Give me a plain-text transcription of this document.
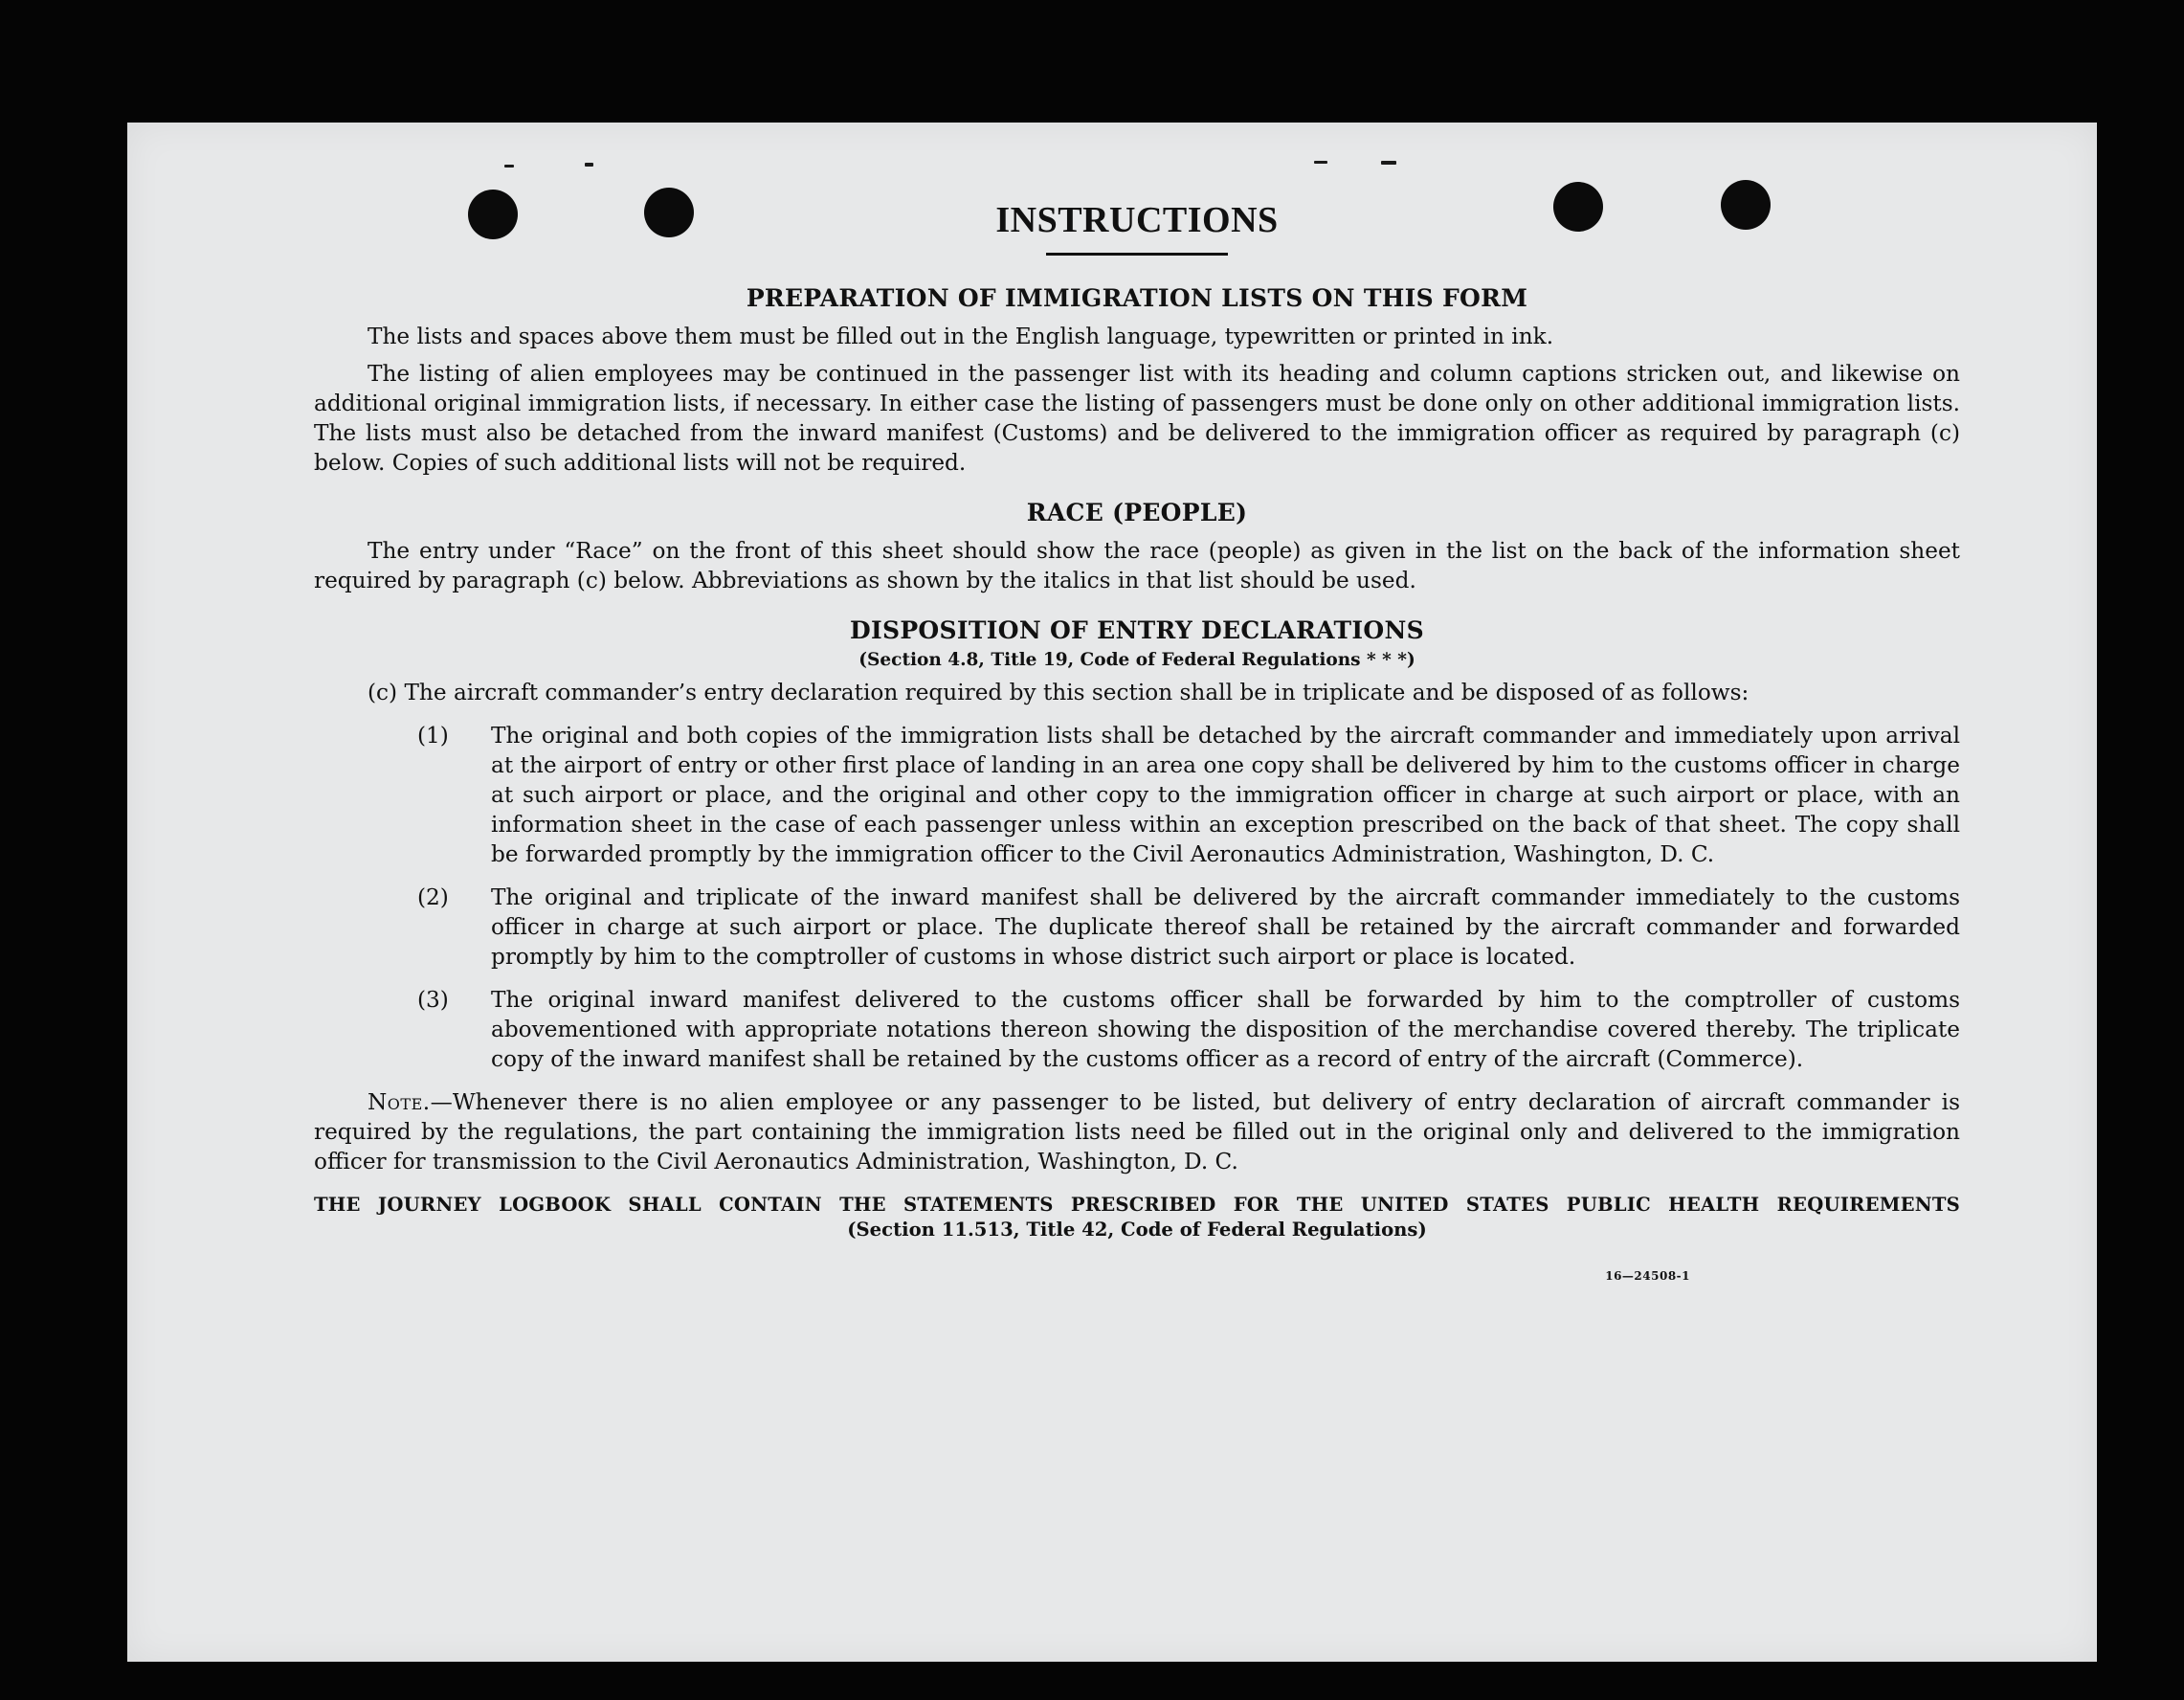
INSTRUCTIONS
PREPARATION OF IMMIGRATION LISTS ON THIS FORM

The lists and spaces above them must be filled out in the English language, typewritten or printed in ink.

The listing of alien employees may be continued in the passenger list with its heading and column captions stricken out, and likewise on additional original immigration lists, if necessary. In either case the listing of passengers must be done only on other additional immigration lists. The lists must also be detached from the inward manifest (Customs) and be delivered to the immigration officer as required by paragraph (c) below. Copies of such additional lists will not be required.

RACE (PEOPLE)

The entry under “Race” on the front of this sheet should show the race (people) as given in the list on the back of the information sheet required by paragraph (c) below. Abbreviations as shown by the italics in that list should be used.

DISPOSITION OF ENTRY DECLARATIONS
(Section 4.8, Title 19, Code of Federal Regulations * * *)

(c) The aircraft commander’s entry declaration required by this section shall be in triplicate and be disposed of as follows:

(1) The original and both copies of the immigration lists shall be detached by the aircraft commander and immediately upon arrival at the airport of entry or other first place of landing in an area one copy shall be delivered by him to the customs officer in charge at such airport or place, and the original and other copy to the immigration officer in charge at such airport or place, with an information sheet in the case of each passenger unless within an exception prescribed on the back of that sheet. The copy shall be forwarded promptly by the immigration officer to the Civil Aeronautics Administration, Washington, D. C.
(2) The original and triplicate of the inward manifest shall be delivered by the aircraft commander immediately to the customs officer in charge at such airport or place. The duplicate thereof shall be retained by the aircraft commander and forwarded promptly by him to the comptroller of customs in whose district such airport or place is located.
(3) The original inward manifest delivered to the customs officer shall be forwarded by him to the comptroller of customs abovementioned with appropriate notations thereon showing the disposition of the merchandise covered thereby. The triplicate copy of the inward manifest shall be retained by the customs officer as a record of entry of the aircraft (Commerce).

Note.—Whenever there is no alien employee or any passenger to be listed, but delivery of entry declaration of aircraft commander is required by the regulations, the part containing the immigration lists need be filled out in the original only and delivered to the immigration officer for transmission to the Civil Aeronautics Administration, Washington, D. C.

THE JOURNEY LOGBOOK SHALL CONTAIN THE STATEMENTS PRESCRIBED FOR THE UNITED STATES PUBLIC HEALTH REQUIREMENTS
(Section 11.513, Title 42, Code of Federal Regulations)
16—24508-1
